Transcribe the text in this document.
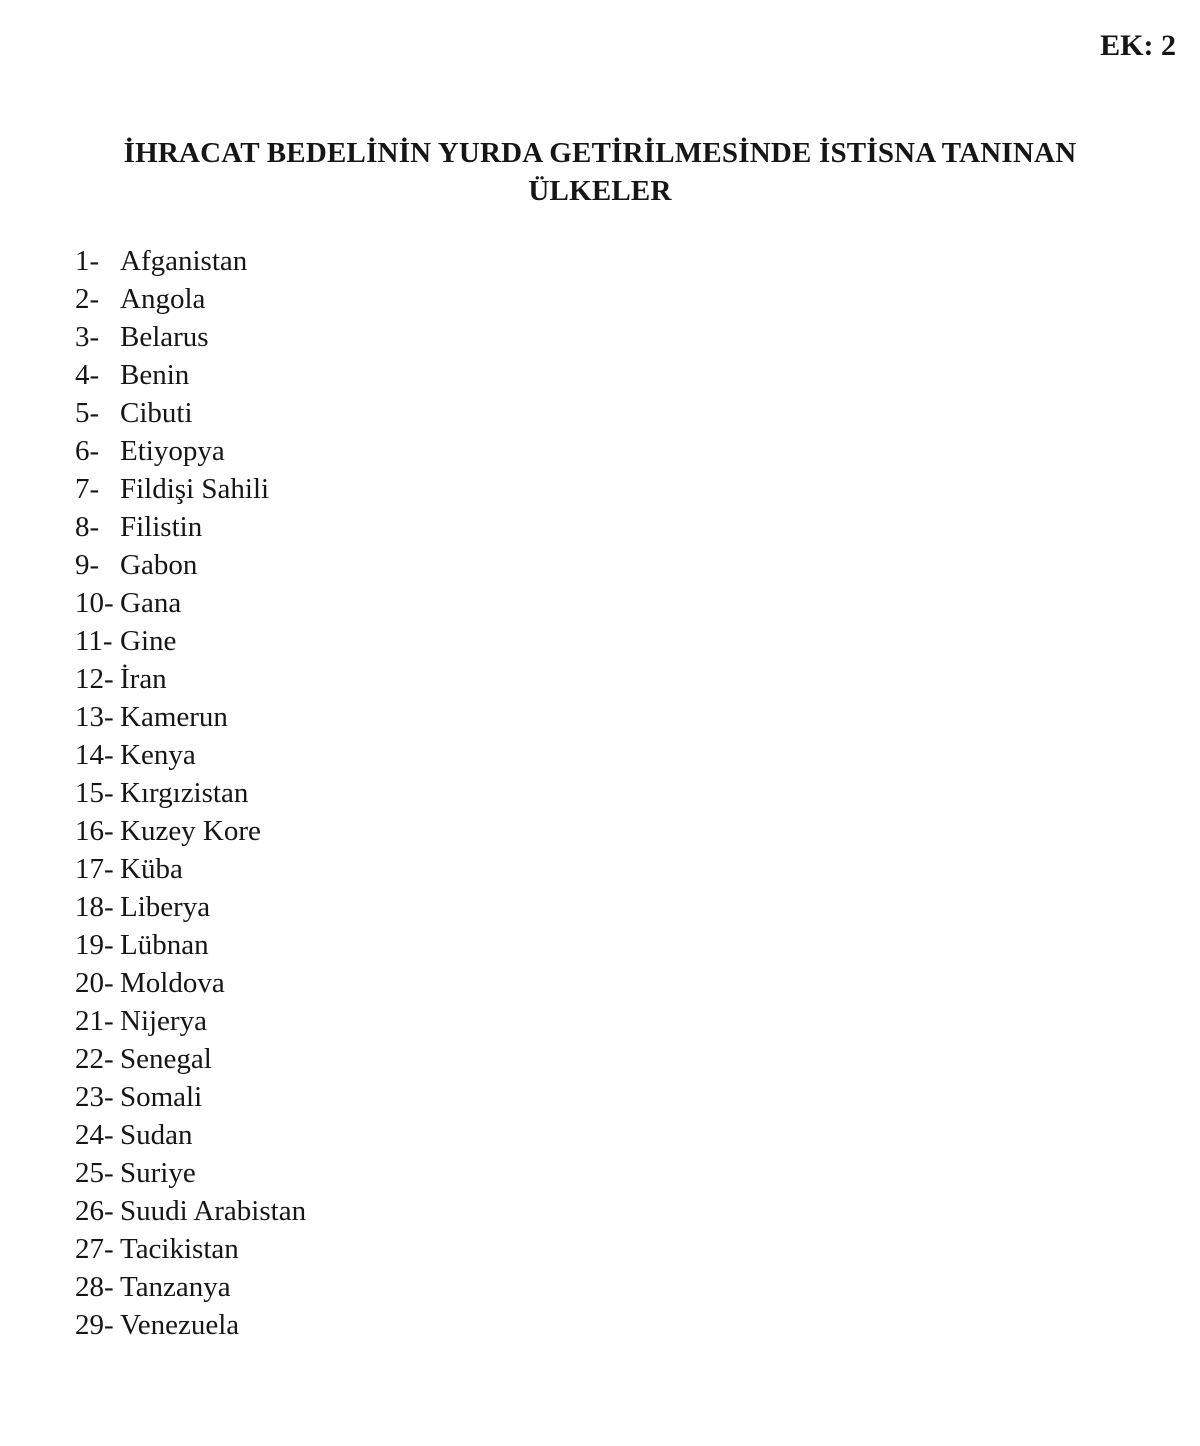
EK: 2
İHRACAT BEDELİNİN YURDA GETİRİLMESİNDE İSTİSNA TANINAN
ÜLKELER
1- Afganistan
2- Angola
3- Belarus
4- Benin
5- Cibuti
6- Etiyopya
7- Fildişi Sahili
8- Filistin
9- Gabon
10- Gana
11- Gine
12- İran
13- Kamerun
14- Kenya
15- Kırgızistan
16- Kuzey Kore
17- Küba
18- Liberya
19- Lübnan
20- Moldova
21- Nijerya
22- Senegal
23- Somali
24- Sudan
25- Suriye
26- Suudi Arabistan
27- Tacikistan
28- Tanzanya
29- Venezuela
